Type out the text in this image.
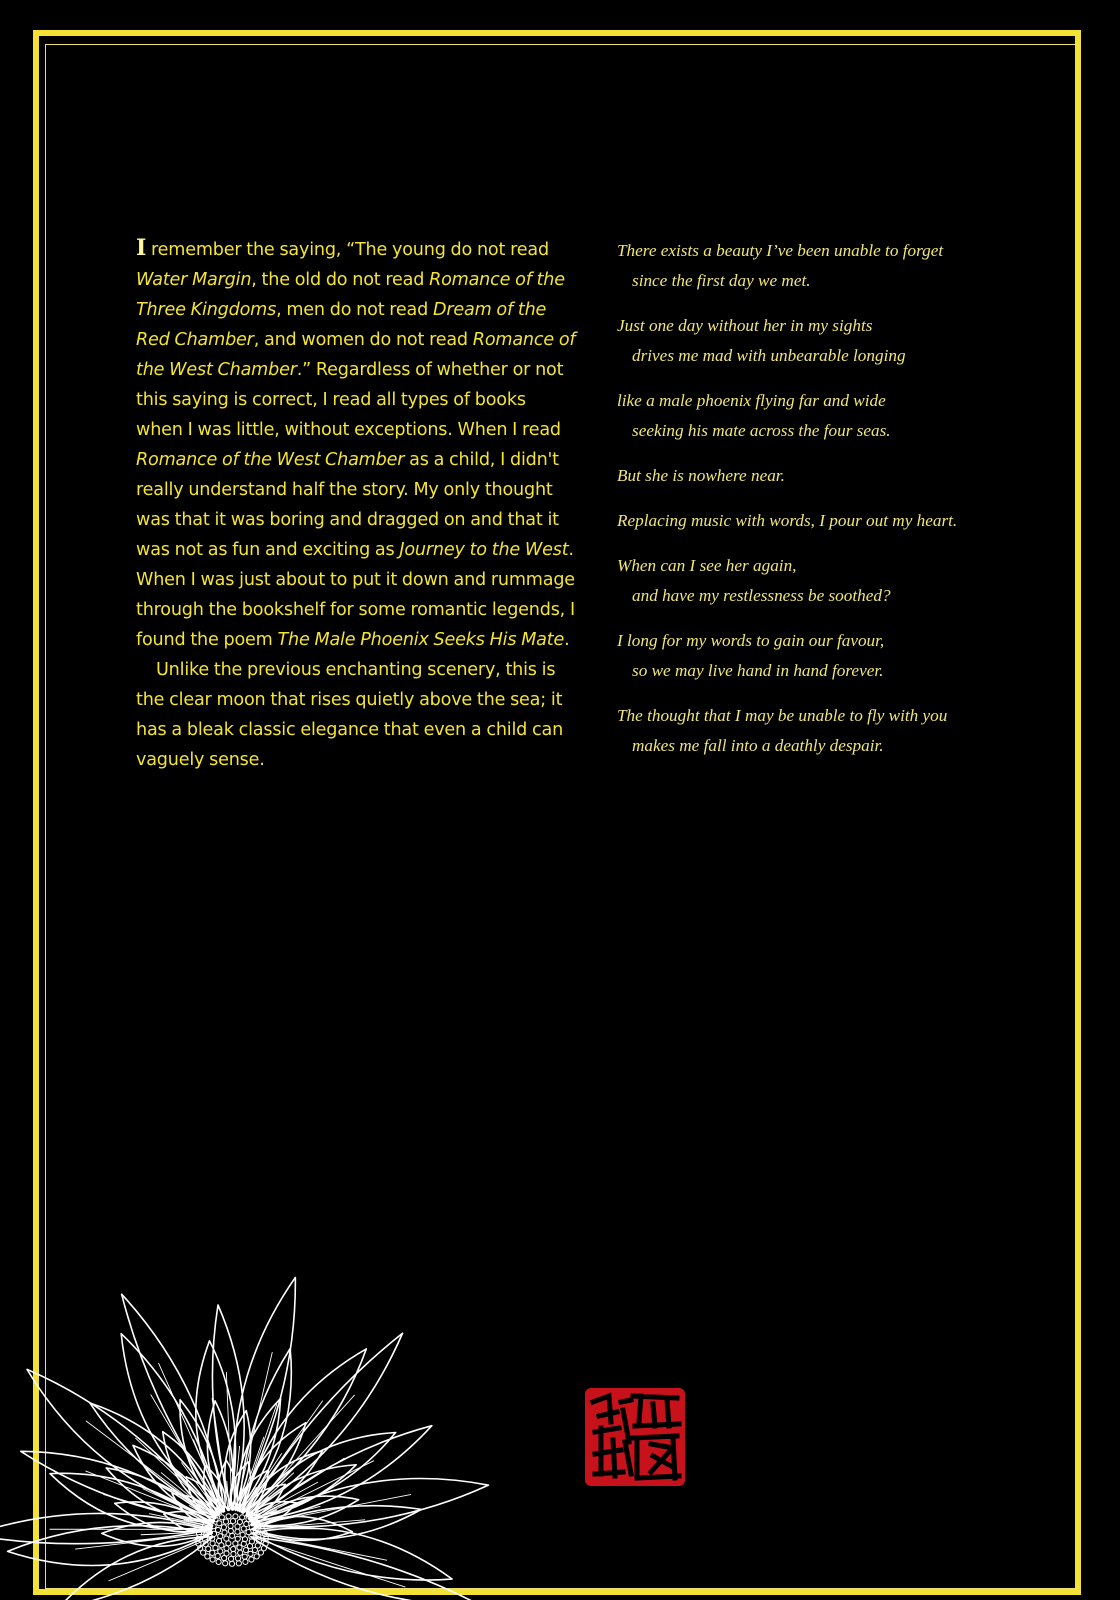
I remember the saying, “The young do not read Water Margin, the old do not read Romance of the Three Kingdoms, men do not read Dream of the Red Chamber, and women do not read Romance of the West Chamber.” Regardless of whether or not this saying is correct, I read all types of books when I was little, without exceptions. When I read Romance of the West Chamber as a child, I didn't really understand half the story. My only thought was that it was boring and dragged on and that it was not as fun and exciting as Journey to the West. When I was just about to put it down and rummage through the bookshelf for some romantic legends, I found the poem The Male Phoenix Seeks His Mate.

Unlike the previous enchanting scenery, this is the clear moon that rises quietly above the sea; it has a bleak classic elegance that even a child can vaguely sense.

There exists a beauty I’ve been unable to forget
since the first day we met.
Just one day without her in my sights
drives me mad with unbearable longing
like a male phoenix flying far and wide
seeking his mate across the four seas.
But she is nowhere near.
Replacing music with words, I pour out my heart.
When can I see her again,
and have my restlessness be soothed?
I long for my words to gain our favour,
so we may live hand in hand forever.
The thought that I may be unable to fly with you
makes me fall into a deathly despair.
